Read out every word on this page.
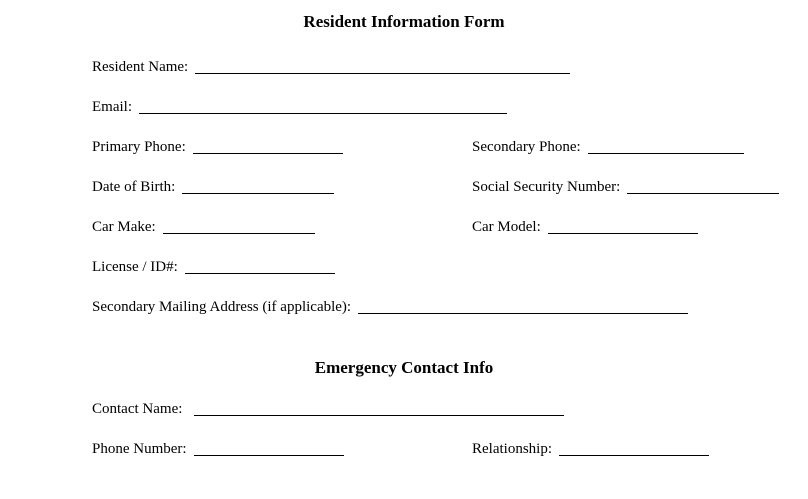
Resident Information Form
Resident Name:
Email:
Primary Phone:	Secondary Phone:
Date of Birth:	Social Security Number:
Car Make:	Car Model:
License / ID#:
Secondary Mailing Address (if applicable):
Emergency Contact Info
Contact Name:
Phone Number:	Relationship:
